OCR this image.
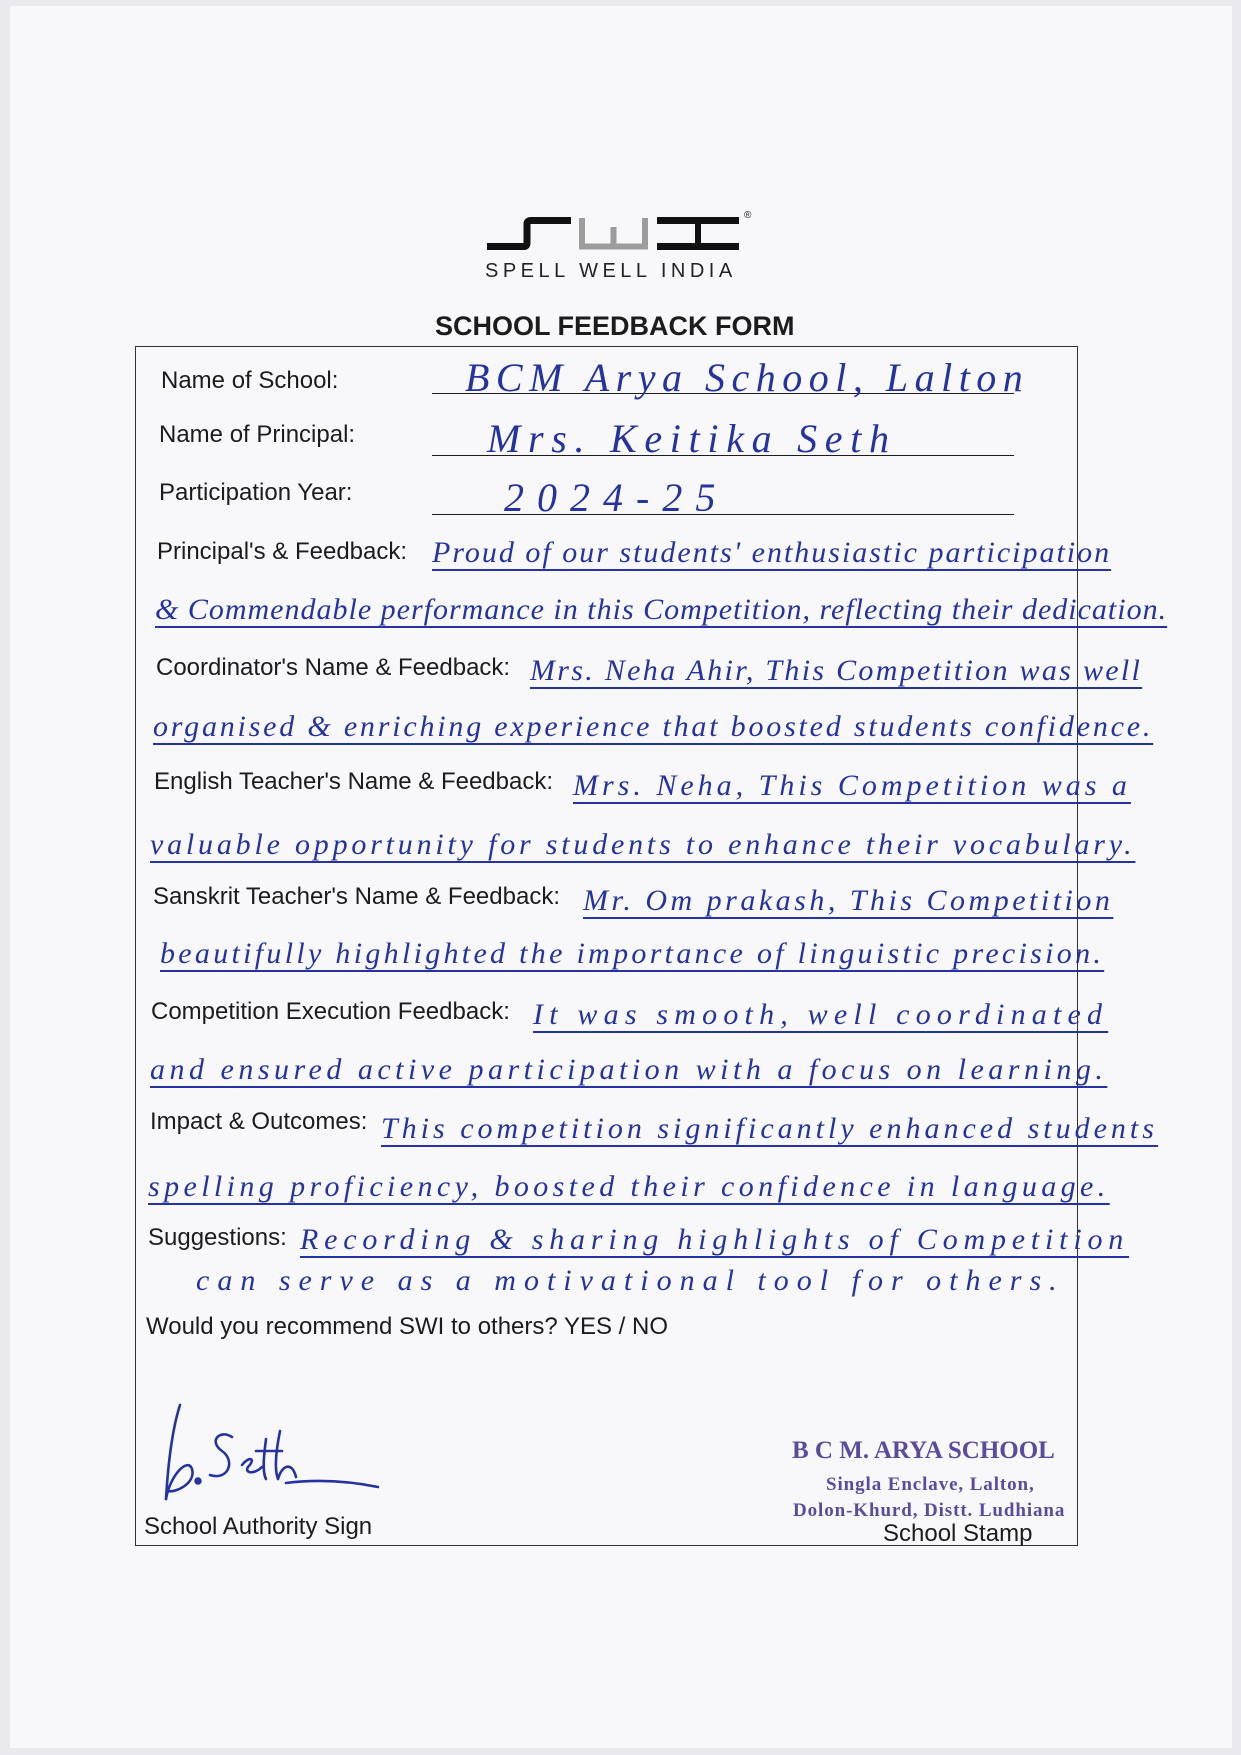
®
SPELL WELL INDIA
SCHOOL FEEDBACK FORM
Name of School:
Name of Principal:
Participation Year:
Principal's & Feedback:
Coordinator's Name & Feedback:
English Teacher's Name & Feedback:
Sanskrit Teacher's Name & Feedback:
Competition Execution Feedback:
Impact & Outcomes:
Suggestions:
Would you recommend SWI to others? YES / NO
BCM Arya School, Lalton
Mrs. Keitika Seth
2024-25
Proud of our students' enthusiastic participation
& Commendable performance in this Competition, reflecting their dedication.
Mrs. Neha Ahir, This Competition was well
organised & enriching experience that boosted students confidence.
Mrs. Neha, This Competition was a
valuable opportunity for students to enhance their vocabulary.
Mr. Om prakash, This Competition
beautifully highlighted the importance of linguistic precision.
It was smooth, well coordinated
and ensured active participation with a focus on learning.
This competition significantly enhanced students
spelling proficiency, boosted their confidence in language.
Recording & sharing highlights of Competition
can serve as a motivational tool for others.
School Authority Sign
B C M. ARYA SCHOOL
Singla Enclave, Lalton,
Dolon-Khurd, Distt. Ludhiana
School Stamp
